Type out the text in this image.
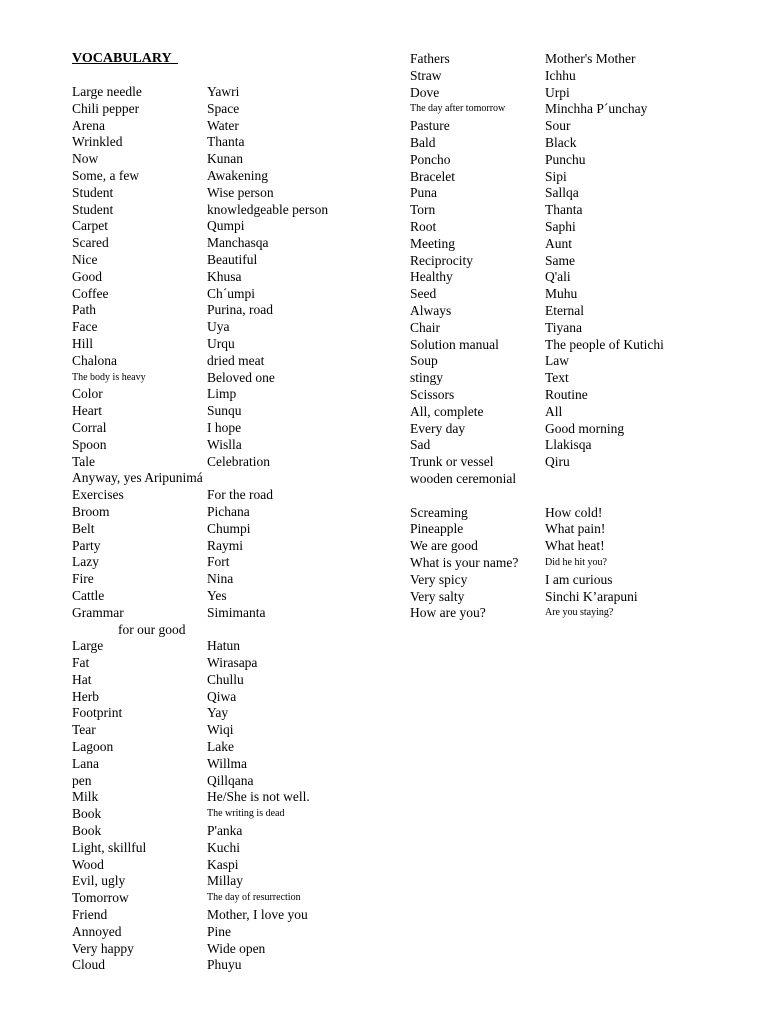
VOCABULARY
Large needle
Chili pepper
Arena
Wrinkled
Now
Some, a few
Student
Student
Carpet
Scared
Nice
Good
Coffee
Path
Face
Hill
Chalona
The body is heavy
Color
Heart
Corral
Spoon
Tale
Anyway, yes Aripunimá
Exercises
Broom
Belt
Party
Lazy
Fire
Cattle
Grammar
for our good
Large
Fat
Hat
Herb
Footprint
Tear
Lagoon
Lana
pen
Milk
Book
Book
Light, skillful
Wood
Evil, ugly
Tomorrow
Friend
Annoyed
Very happy
Cloud
Yawri
Space
Water
Thanta
Kunan
Awakening
Wise person
knowledgeable person
Qumpi
Manchasqa
Beautiful
Khusa
Ch´umpi
Purina, road
Uya
Urqu
dried meat
Beloved one
Limp
Sunqu
I hope
Wislla
Celebration
For the road
Pichana
Chumpi
Raymi
Fort
Nina
Yes
Simimanta
Hatun
Wirasapa
Chullu
Qiwa
Yay
Wiqi
Lake
Willma
Qillqana
He/She is not well.
The writing is dead
P'anka
Kuchi
Kaspi
Millay
The day of resurrection
Mother, I love you
Pine
Wide open
Phuyu
Fathers
Straw
Dove
The day after tomorrow
Pasture
Bald
Poncho
Bracelet
Puna
Torn
Root
Meeting
Reciprocity
Healthy
Seed
Always
Chair
Solution manual
Soup
stingy
Scissors
All, complete
Every day
Sad
Trunk or vessel
wooden ceremonial
Screaming
Pineapple
We are good
What is your name?
Very spicy
Very salty
How are you?
Mother's Mother
Ichhu
Urpi
Minchha P´unchay
Sour
Black
Punchu
Sipi
Sallqa
Thanta
Saphi
Aunt
Same
Q'ali
Muhu
Eternal
Tiyana
The people of Kutichi
Law
Text
Routine
All
Good morning
Llakisqa
Qiru
How cold!
What pain!
What heat!
Did he hit you?
I am curious
Sinchi K’arapuni
Are you staying?
